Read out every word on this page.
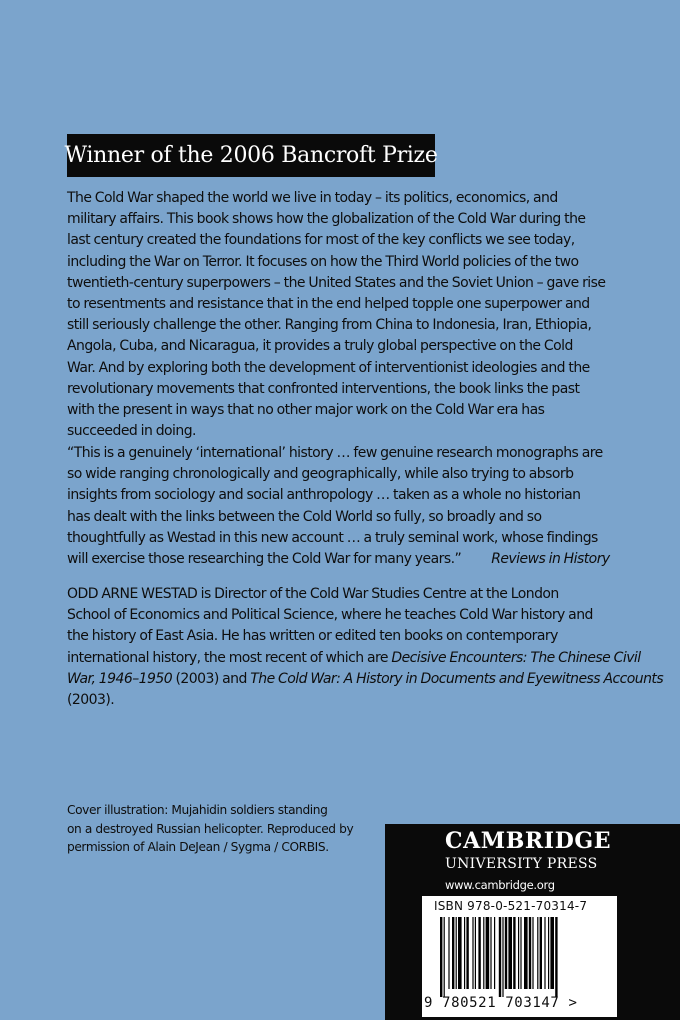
Winner of the 2006 Bancroft Prize

The Cold War shaped the world we live in today – its politics, economics, and

military affairs. This book shows how the globalization of the Cold War during the

last century created the foundations for most of the key conflicts we see today,

including the War on Terror. It focuses on how the Third World policies of the two

twentieth-century superpowers – the United States and the Soviet Union – gave rise

to resentments and resistance that in the end helped topple one superpower and

still seriously challenge the other. Ranging from China to Indonesia, Iran, Ethiopia,

Angola, Cuba, and Nicaragua, it provides a truly global perspective on the Cold

War. And by exploring both the development of interventionist ideologies and the

revolutionary movements that confronted interventions, the book links the past

with the present in ways that no other major work on the Cold War era has

succeeded in doing.

“This is a genuinely ‘international’ history … few genuine research monographs are

so wide ranging chronologically and geographically, while also trying to absorb

insights from sociology and social anthropology … taken as a whole no historian

has dealt with the links between the Cold World so fully, so broadly and so

thoughtfully as Westad in this new account … a truly seminal work, whose findings

will exercise those researching the Cold War for many years.” Reviews in History

ODD ARNE WESTAD is Director of the Cold War Studies Centre at the London

School of Economics and Political Science, where he teaches Cold War history and

the history of East Asia. He has written or edited ten books on contemporary

international history, the most recent of which are Decisive Encounters: The Chinese Civil

War, 1946–1950 (2003) and The Cold War: A History in Documents and Eyewitness Accounts

(2003).

Cover illustration: Mujahidin soldiers standing

on a destroyed Russian helicopter. Reproduced by

permission of Alain DeJean / Sygma / CORBIS.	CAMBRIDGE
UNIVERSITY PRESS
www.cambridge.org
ISBN 978-0-521-70314-7
9 780521 703147 >
